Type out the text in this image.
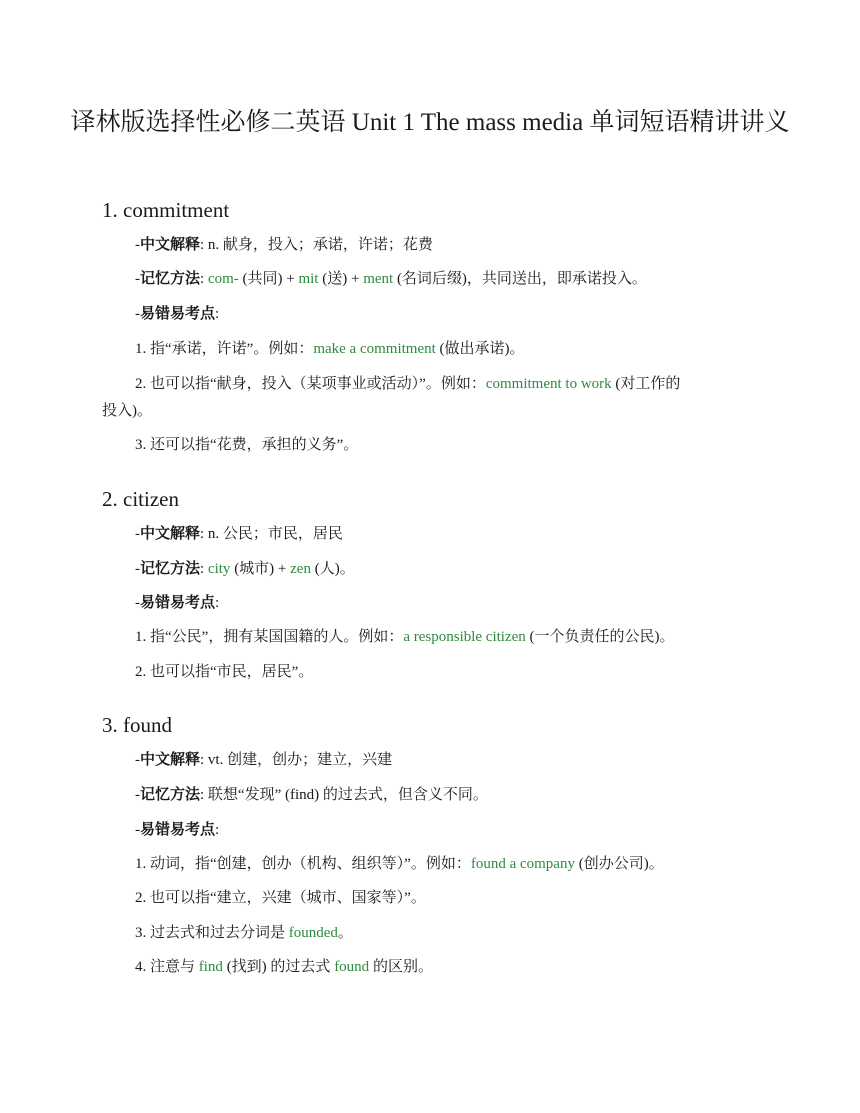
译林版选择性必修二英语 Unit 1 The mass media 单词短语精讲讲义
1. commitment

-中文解释: n. 献身，投入；承诺，许诺；花费

-记忆方法: com- (共同) + mit (送) + ment (名词后缀)，共同送出，即承诺投入。

-易错易考点:

1. 指“承诺，许诺”。例如：make a commitment (做出承诺)。

2. 也可以指“献身，投入（某项事业或活动）”。例如：commitment to work (对工作的

投入)。

3. 还可以指“花费，承担的义务”。

2. citizen

-中文解释: n. 公民；市民，居民

-记忆方法: city (城市) + zen (人)。

-易错易考点:

1. 指“公民”，拥有某国国籍的人。例如：a responsible citizen (一个负责任的公民)。

2. 也可以指“市民，居民”。

3. found

-中文解释: vt. 创建，创办；建立，兴建

-记忆方法: 联想“发现” (find) 的过去式，但含义不同。

-易错易考点:

1. 动词，指“创建，创办（机构、组织等）”。例如：found a company (创办公司)。

2. 也可以指“建立，兴建（城市、国家等）”。

3. 过去式和过去分词是 founded。

4. 注意与 find (找到) 的过去式 found 的区别。
